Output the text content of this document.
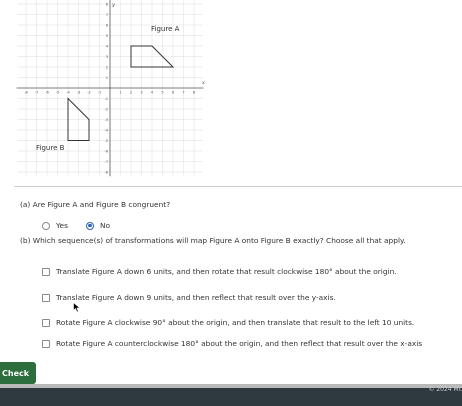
-8 -7 -6 -5 -4 -3 -2 -1	1 2 3 4 5 6 7 8
8
7
6
5
4
3
2
1
-1
-2
-3
-4
-5
-6
-7
-8
Figure A
Figure B
x
y
(a) Are Figure A and Figure B congruent?
Yes	No
(b) Which sequence(s) of transformations will map Figure A onto Figure B exactly? Choose all that apply.
Translate Figure A down 6 units, and then rotate that result clockwise 180° about the origin.
Translate Figure A down 9 units, and then reflect that result over the y-axis.
Rotate Figure A clockwise 90° about the origin, and then translate that result to the left 10 units.
Rotate Figure A counterclockwise 180° about the origin, and then reflect that result over the x-axis
Check
© 2024 Mc
